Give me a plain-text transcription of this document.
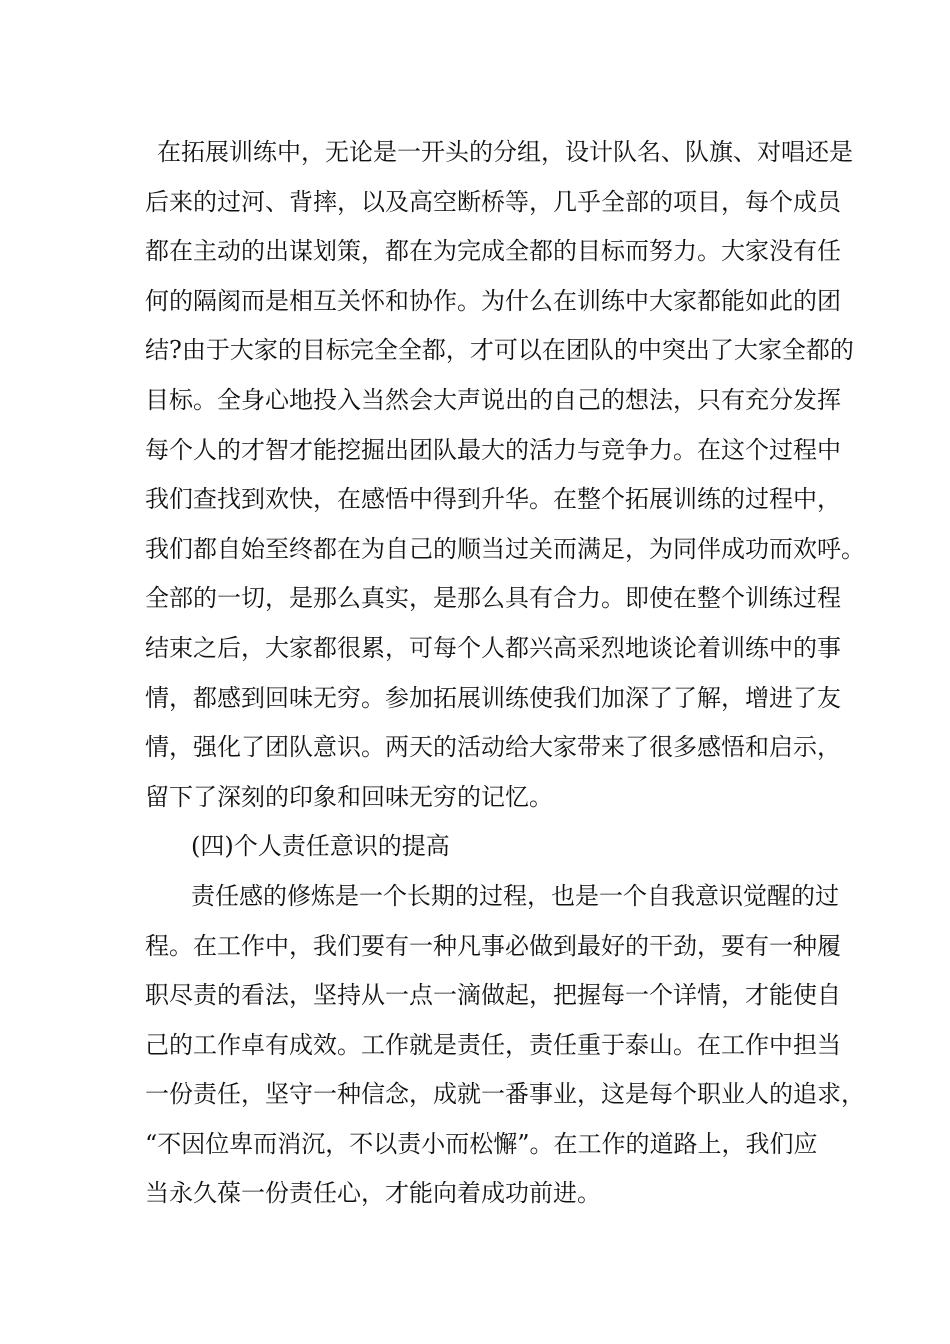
在拓展训练中，无论是一开头的分组，设计队名、队旗、对唱还是
后来的过河、背摔，以及高空断桥等，几乎全部的项目，每个成员
都在主动的出谋划策，都在为完成全都的目标而努力。大家没有任
何的隔阂而是相互关怀和协作。为什么在训练中大家都能如此的团
结?由于大家的目标完全全都，才可以在团队的中突出了大家全都的
目标。全身心地投入当然会大声说出的自己的想法，只有充分发挥
每个人的才智才能挖掘出团队最大的活力与竞争力。在这个过程中
我们查找到欢快，在感悟中得到升华。在整个拓展训练的过程中，
我们都自始至终都在为自己的顺当过关而满足，为同伴成功而欢呼。
全部的一切，是那么真实，是那么具有合力。即使在整个训练过程
结束之后，大家都很累，可每个人都兴高采烈地谈论着训练中的事
情，都感到回味无穷。参加拓展训练使我们加深了了解，增进了友
情，强化了团队意识。两天的活动给大家带来了很多感悟和启示，
留下了深刻的印象和回味无穷的记忆。
(四)个人责任意识的提高
责任感的修炼是一个长期的过程，也是一个自我意识觉醒的过
程。在工作中，我们要有一种凡事必做到最好的干劲，要有一种履
职尽责的看法，坚持从一点一滴做起，把握每一个详情，才能使自
己的工作卓有成效。工作就是责任，责任重于泰山。在工作中担当
一份责任，坚守一种信念，成就一番事业，这是每个职业人的追求，
“不因位卑而消沉，不以责小而松懈”。在工作的道路上，我们应
当永久葆一份责任心，才能向着成功前进。
